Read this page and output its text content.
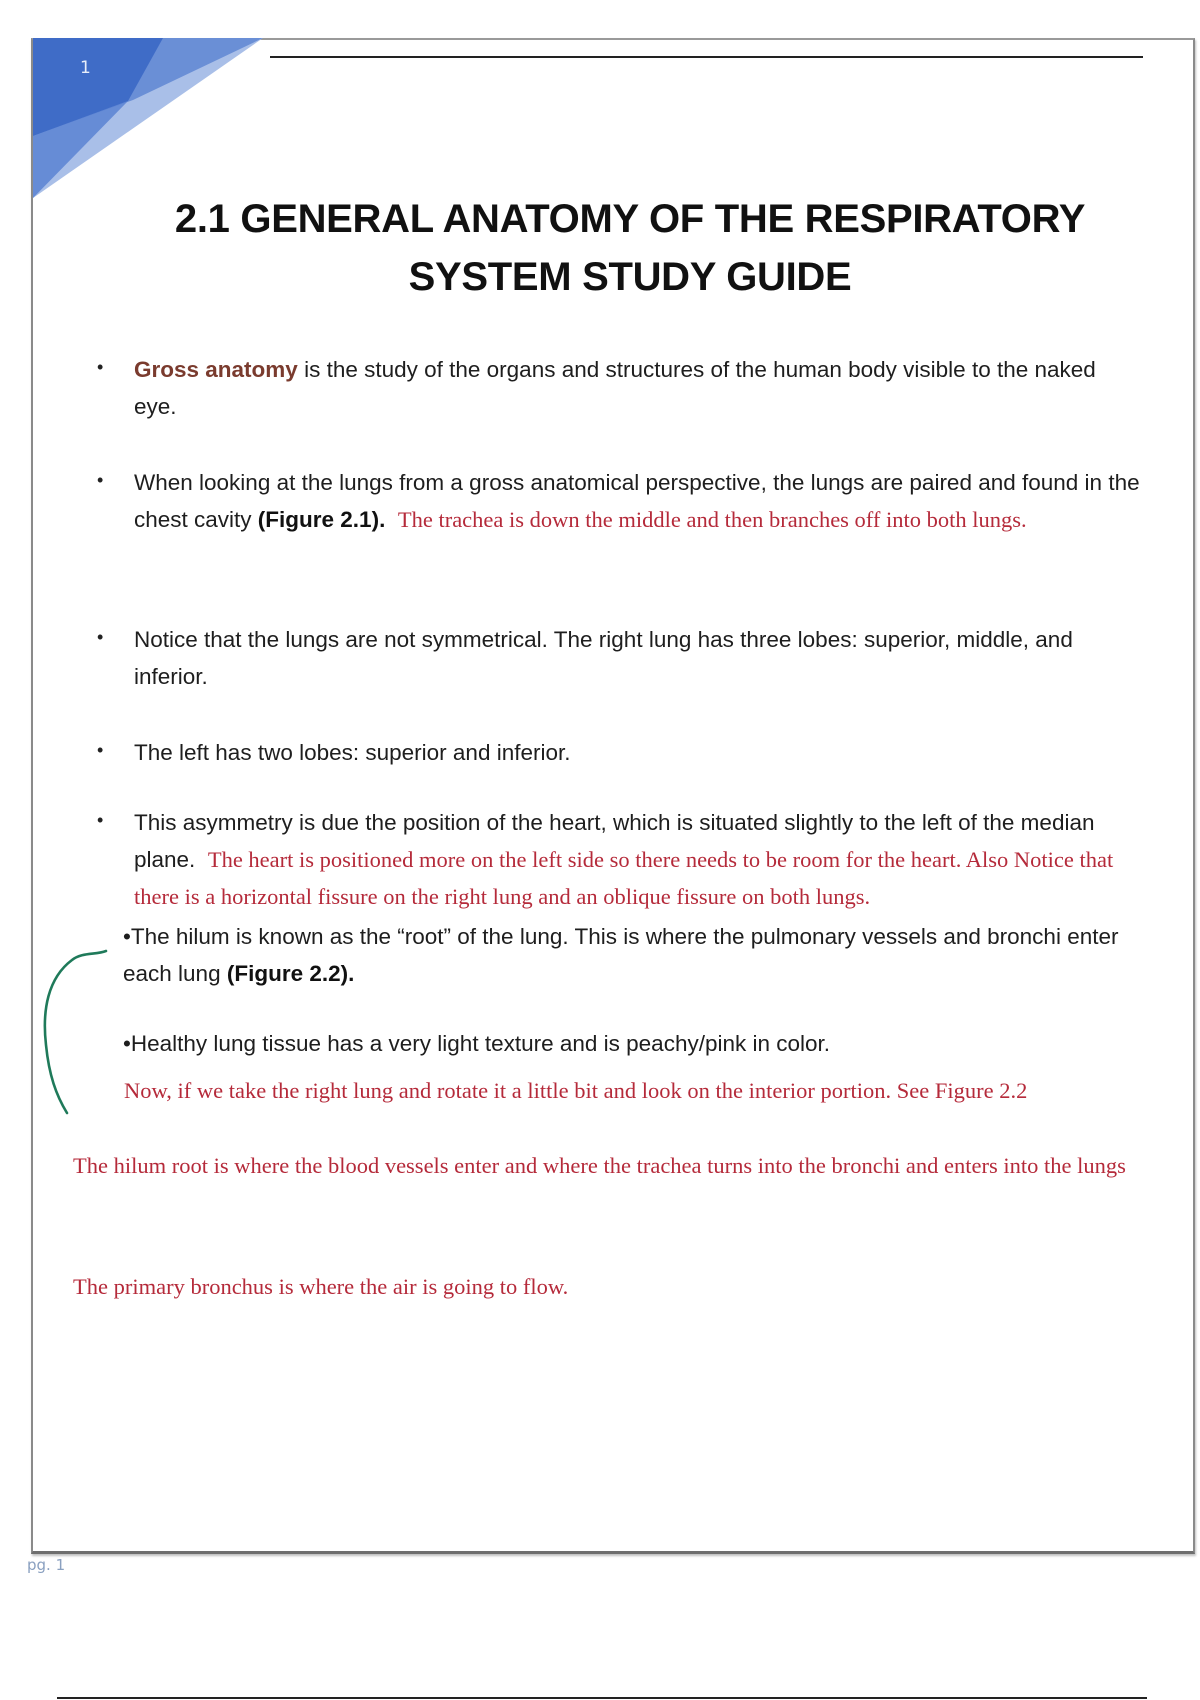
1
2.1 GENERAL ANATOMY OF THE RESPIRATORY
SYSTEM STUDY GUIDE
• Gross anatomy is the study of the organs and structures of the human body visible to the naked eye.
• When looking at the lungs from a gross anatomical perspective, the lungs are paired and found in the chest cavity (Figure 2.1). The trachea is down the middle and then branches off into both lungs.
• Notice that the lungs are not symmetrical. The right lung has three lobes: superior, middle, and inferior.
• The left has two lobes: superior and inferior.
• This asymmetry is due the position of the heart, which is situated slightly to the left of the median plane. The heart is positioned more on the left side so there needs to be room for the heart. Also Notice that there is a horizontal fissure on the right lung and an oblique fissure on both lungs.
•The hilum is known as the “root” of the lung. This is where the pulmonary vessels and bronchi enter each lung (Figure 2.2).
•Healthy lung tissue has a very light texture and is peachy/pink in color.
Now, if we take the right lung and rotate it a little bit and look on the interior portion. See Figure 2.2
The hilum root is where the blood vessels enter and where the trachea turns into the bronchi and enters into the lungs
The primary bronchus is where the air is going to flow.
pg. 1
